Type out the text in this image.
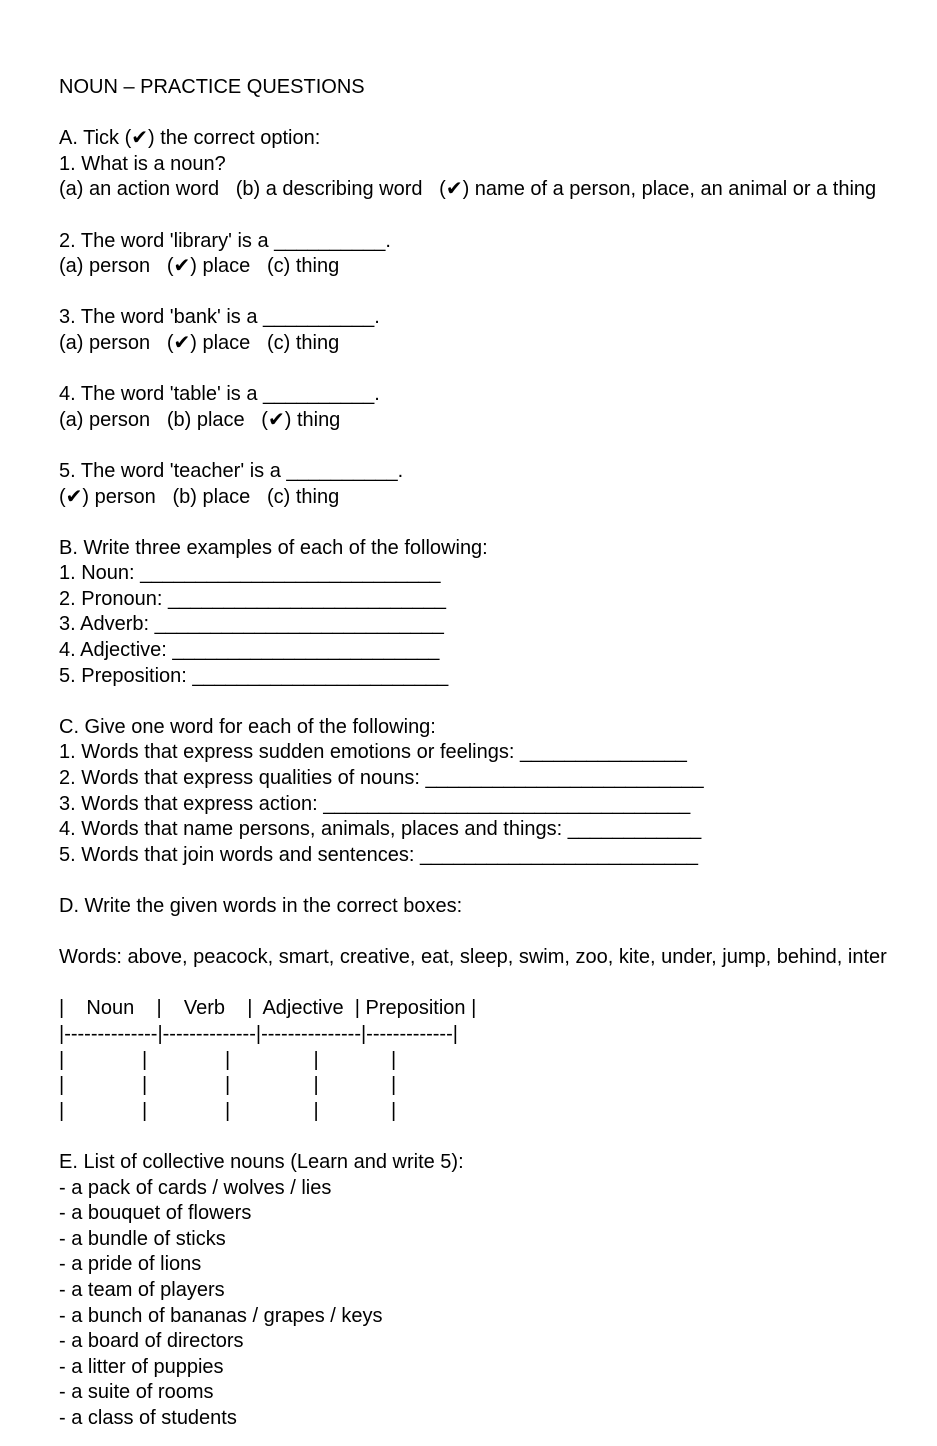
NOUN – PRACTICE QUESTIONS
A. Tick (✔) the correct option:
1. What is a noun?
(a) an action word   (b) a describing word   (✔) name of a person, place, an animal or a thing
2. The word 'library' is a __________.
(a) person   (✔) place   (c) thing
3. The word 'bank' is a __________.
(a) person   (✔) place   (c) thing
4. The word 'table' is a __________.
(a) person   (b) place   (✔) thing
5. The word 'teacher' is a __________.
(✔) person   (b) place   (c) thing
B. Write three examples of each of the following:
1. Noun: ___________________________
2. Pronoun: _________________________
3. Adverb: __________________________
4. Adjective: ________________________
5. Preposition: _______________________
C. Give one word for each of the following:
1. Words that express sudden emotions or feelings: _______________
2. Words that express qualities of nouns: _________________________
3. Words that express action: _________________________________
4. Words that name persons, animals, places and things: ____________
5. Words that join words and sentences: _________________________
D. Write the given words in the correct boxes:
Words: above, peacock, smart, creative, eat, sleep, swim, zoo, kite, under, jump, behind, inter
|    Noun    |    Verb    |  Adjective  | Preposition |
|--------------|--------------|---------------|-------------|
|              |              |               |             |
|              |              |               |             |
|              |              |               |             |
E. List of collective nouns (Learn and write 5):
- a pack of cards / wolves / lies
- a bouquet of flowers
- a bundle of sticks
- a pride of lions
- a team of players
- a bunch of bananas / grapes / keys
- a board of directors
- a litter of puppies
- a suite of rooms
- a class of students
